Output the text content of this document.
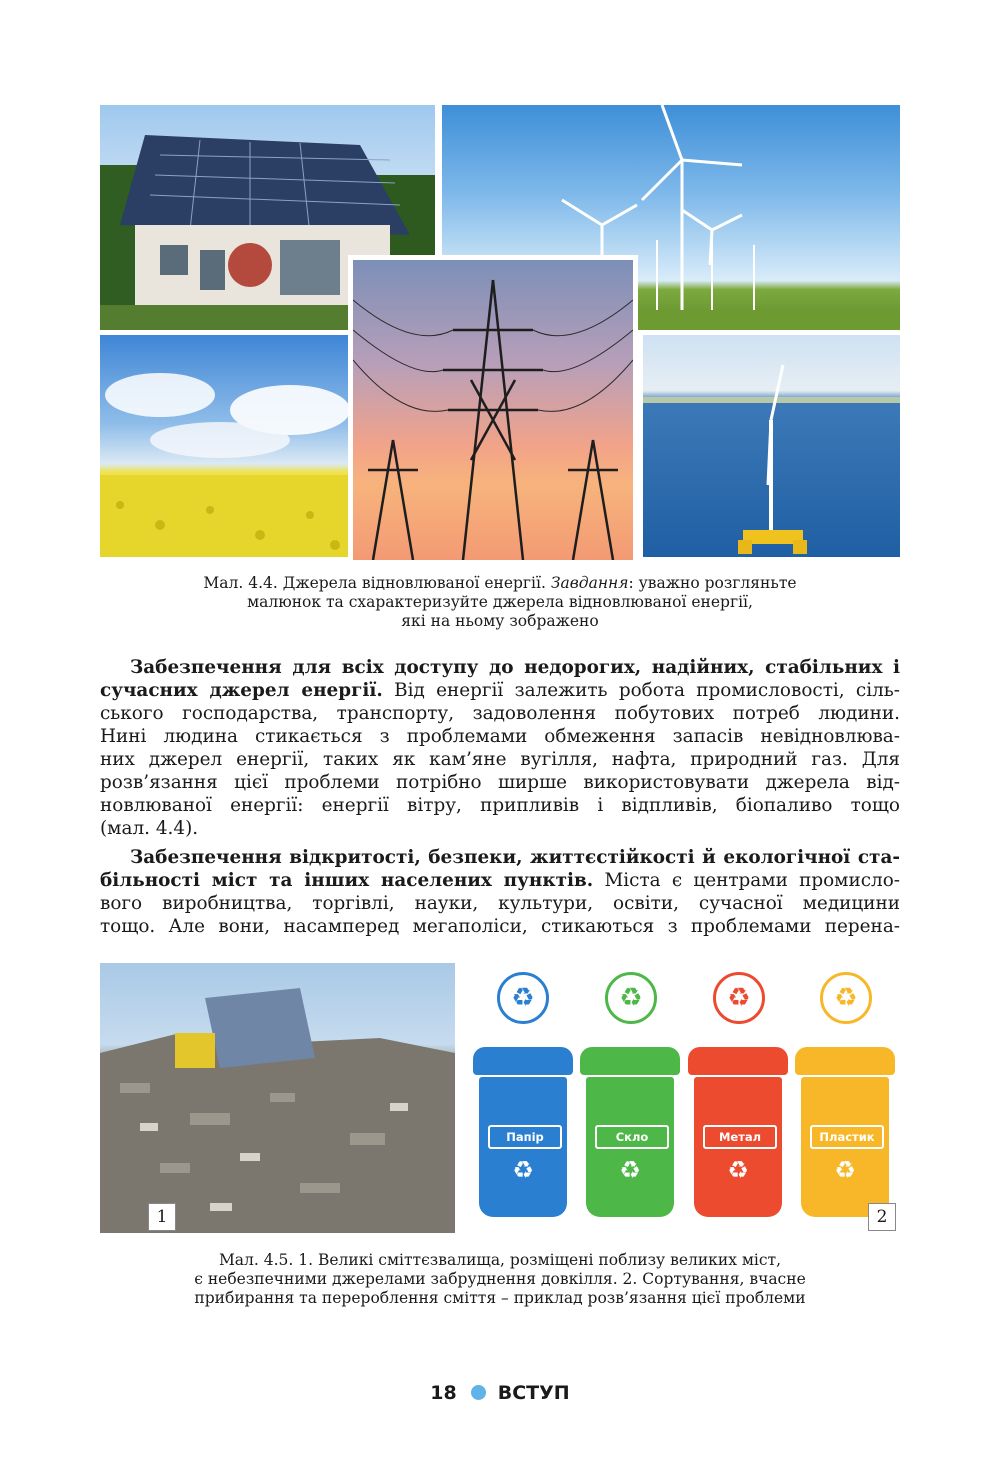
Мал. 4.4. Джерела відновлюваної енергії. Завдання: уважно розгляньте
малюнок та схарактеризуйте джерела відновлюваної енергії,
які на ньому зображено
Забезпечення для всіх доступу до недорогих, надійних, стабільних і
сучасних джерел енергії. Від енергії залежить робота промисловості, сіль-
ського господарства, транспорту, задоволення побутових потреб людини.
Нині людина стикається з проблемами обмеження запасів невідновлюва-
них джерел енергії, таких як кам’яне вугілля, нафта, природний газ. Для
розв’язання цієї проблеми потрібно ширше використовувати джерела від-
новлюваної енергії: енергії вітру, припливів і відпливів, біопаливо тощо
(мал. 4.4).
Забезпечення відкритості, безпеки, життєстійкості й екологічної ста-
більності міст та інших населених пунктів. Міста є центрами промисло-
вого виробництва, торгівлі, науки, культури, освіти, сучасної медицини
тощо. Але вони, насамперед мегаполіси, стикаються з проблемами перена-
1
♻	♻	♻	♻
Папір
♻
Скло
♻
Метал
♻
Пластик
♻
2
Мал. 4.5. 1. Великі сміттєзвалища, розміщені поблизу великих міст,
є небезпечними джерелами забруднення довкілля. 2. Сортування, вчасне
прибирання та перероблення сміття – приклад розв’язання цієї проблеми
18 ВСТУП
